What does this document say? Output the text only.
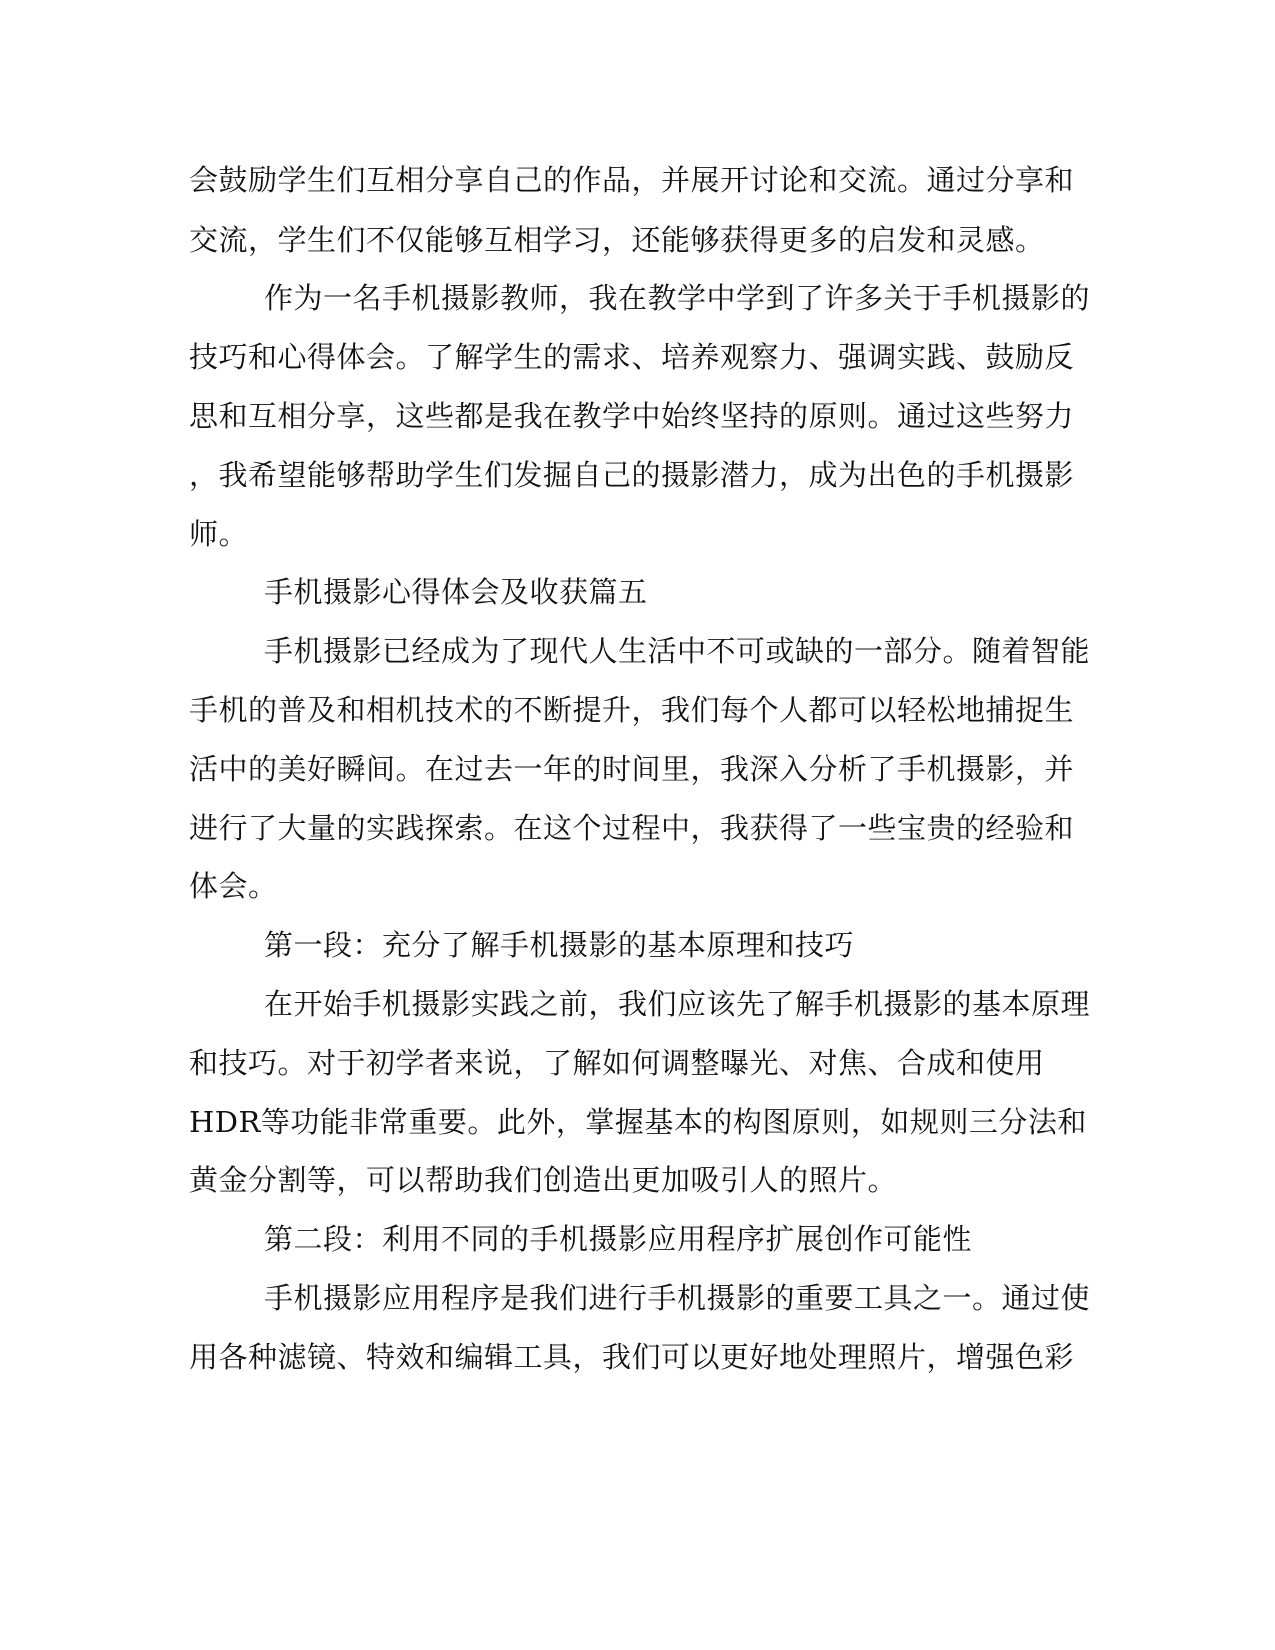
会鼓励学生们互相分享自己的作品，并展开讨论和交流。通过分享和
交流，学生们不仅能够互相学习，还能够获得更多的启发和灵感。
作为一名手机摄影教师，我在教学中学到了许多关于手机摄影的
技巧和心得体会。了解学生的需求、培养观察力、强调实践、鼓励反
思和互相分享，这些都是我在教学中始终坚持的原则。通过这些努力
，我希望能够帮助学生们发掘自己的摄影潜力，成为出色的手机摄影
师。
手机摄影心得体会及收获篇五
手机摄影已经成为了现代人生活中不可或缺的一部分。随着智能
手机的普及和相机技术的不断提升，我们每个人都可以轻松地捕捉生
活中的美好瞬间。在过去一年的时间里，我深入分析了手机摄影，并
进行了大量的实践探索。在这个过程中，我获得了一些宝贵的经验和
体会。
第一段：充分了解手机摄影的基本原理和技巧
在开始手机摄影实践之前，我们应该先了解手机摄影的基本原理
和技巧。对于初学者来说，了解如何调整曝光、对焦、合成和使用
HDR等功能非常重要。此外，掌握基本的构图原则，如规则三分法和
黄金分割等，可以帮助我们创造出更加吸引人的照片。
第二段：利用不同的手机摄影应用程序扩展创作可能性
手机摄影应用程序是我们进行手机摄影的重要工具之一。通过使
用各种滤镜、特效和编辑工具，我们可以更好地处理照片，增强色彩
